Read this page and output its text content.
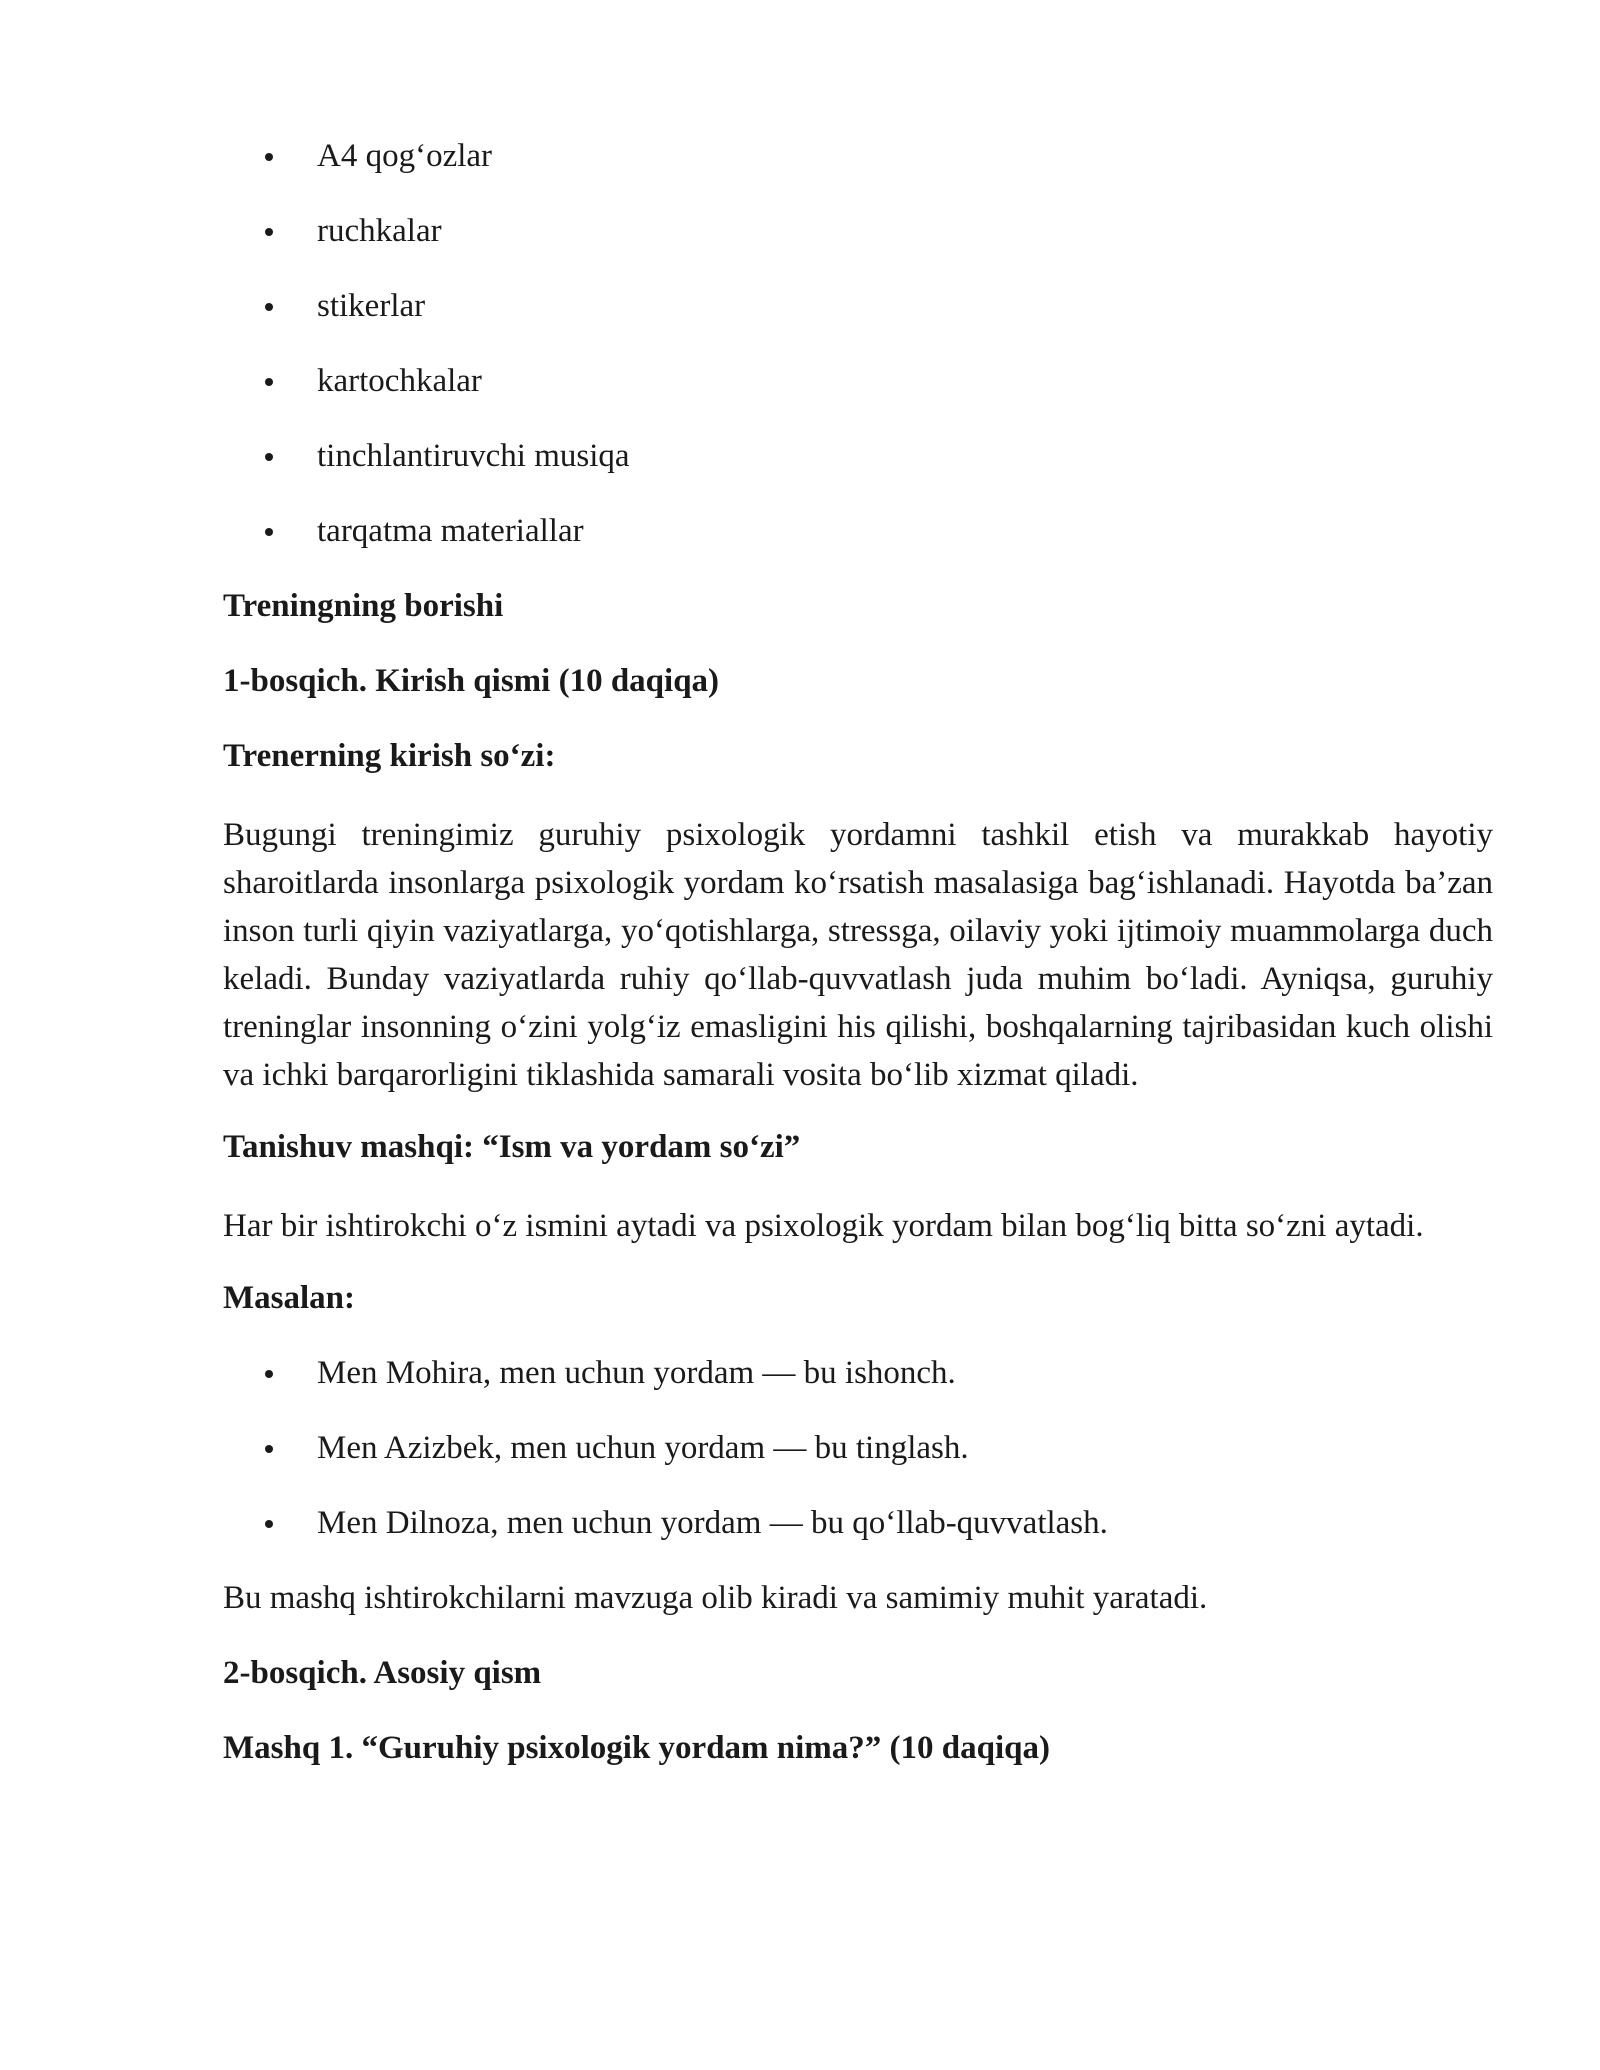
A4 qog‘ozlar
ruchkalar
stikerlar
kartochkalar
tinchlantiruvchi musiqa
tarqatma materiallar

Treningning borishi

1-bosqich. Kirish qismi (10 daqiqa)

Trenerning kirish so‘zi:

Bugungi treningimiz guruhiy psixologik yordamni tashkil etish va murakkab hayotiy sharoitlarda insonlarga psixologik yordam ko‘rsatish masalasiga bag‘ishlanadi. Hayotda ba’zan inson turli qiyin vaziyatlarga, yo‘qotishlarga, stressga, oilaviy yoki ijtimoiy muammolarga duch keladi. Bunday vaziyatlarda ruhiy qo‘llab-quvvatlash juda muhim bo‘ladi. Ayniqsa, guruhiy treninglar insonning o‘zini yolg‘iz emasligini his qilishi, boshqalarning tajribasidan kuch olishi va ichki barqarorligini tiklashida samarali vosita bo‘lib xizmat qiladi.

Tanishuv mashqi: “Ism va yordam so‘zi”

Har bir ishtirokchi o‘z ismini aytadi va psixologik yordam bilan bog‘liq bitta so‘zni aytadi.

Masalan:

Men Mohira, men uchun yordam — bu ishonch.
Men Azizbek, men uchun yordam — bu tinglash.
Men Dilnoza, men uchun yordam — bu qo‘llab-quvvatlash.

Bu mashq ishtirokchilarni mavzuga olib kiradi va samimiy muhit yaratadi.

2-bosqich. Asosiy qism

Mashq 1. “Guruhiy psixologik yordam nima?” (10 daqiqa)
